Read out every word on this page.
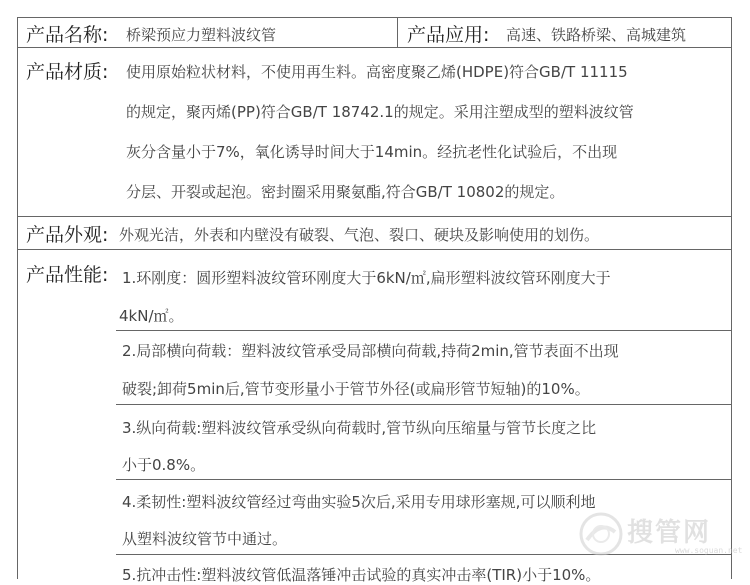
产品名称: 桥梁预应力塑料波纹管	产品应用: 高速、铁路桥梁、高城建筑
产品材质: 使用原始粒状材料，不使用再生料。高密度聚乙烯(HDPE)符合GB/T 11115
的规定，聚丙烯(PP)符合GB/T 18742.1的规定。采用注塑成型的塑料波纹管
灰分含量小于7%，氧化诱导时间大于14min。经抗老性化试验后，不出现
分层、开裂或起泡。密封圈采用聚氨酯,符合GB/T 10802的规定。
产品外观: 外观光洁，外表和内壁没有破裂、气泡、裂口、硬块及影响使用的划伤。
产品性能: 1.环刚度：圆形塑料波纹管环刚度大于6kN/㎡,扁形塑料波纹管环刚度大于
4kN/㎡。
2.局部横向荷载：塑料波纹管承受局部横向荷载,持荷2min,管节表面不出现
破裂;卸荷5min后,管节变形量小于管节外径(或扁形管节短轴)的10%。
3.纵向荷载:塑料波纹管承受纵向荷载时,管节纵向压缩量与管节长度之比
小于0.8%。
4.柔韧性:塑料波纹管经过弯曲实验5次后,采用专用球形塞规,可以顺利地
从塑料波纹管节中通过。
5.抗冲击性:塑料波纹管低温落锤冲击试验的真实冲击率(TIR)小于10%。
搜管网
www.soguan.net
